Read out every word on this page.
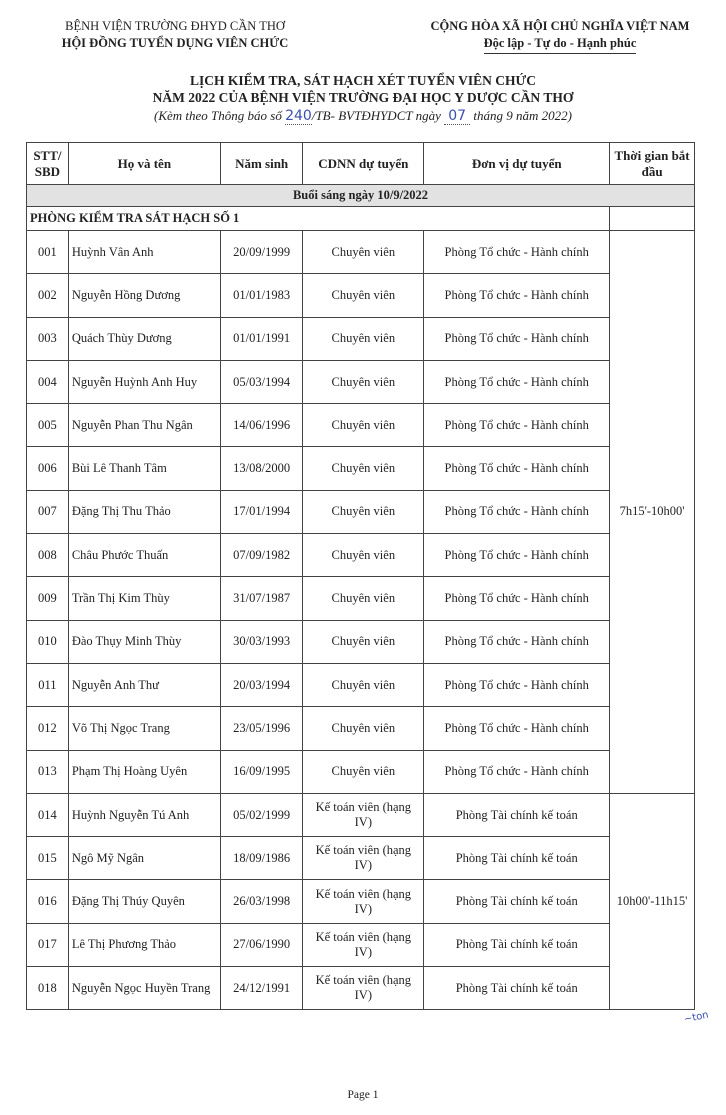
BỆNH VIỆN TRƯỜNG ĐHYD CẦN THƠ
HỘI ĐỒNG TUYỂN DỤNG VIÊN CHỨC
CỘNG HÒA XÃ HỘI CHỦ NGHĨA VIỆT NAM
Độc lập - Tự do - Hạnh phúc
LỊCH KIỂM TRA, SÁT HẠCH XÉT TUYỂN VIÊN CHỨC
NĂM 2022 CỦA BỆNH VIỆN TRƯỜNG ĐẠI HỌC Y DƯỢC CẦN THƠ
(Kèm theo Thông báo số 240/TB- BVTĐHYDCT ngày 07 tháng 9 năm 2022)
STT/ SBD	Họ và tên	Năm sinh	CDNN dự tuyển	Đơn vị dự tuyển	Thời gian bắt đầu
Buổi sáng ngày 10/9/2022					
PHÒNG KIỂM TRA SÁT HẠCH SỐ 1					
001	Huỳnh Vân Anh	20/09/1999	Chuyên viên	Phòng Tổ chức - Hành chính	7h15'-10h00'
002	Nguyễn Hồng Dương	01/01/1983	Chuyên viên	Phòng Tổ chức - Hành chính	
003	Quách Thùy Dương	01/01/1991	Chuyên viên	Phòng Tổ chức - Hành chính	
004	Nguyễn Huỳnh Anh Huy	05/03/1994	Chuyên viên	Phòng Tổ chức - Hành chính	
005	Nguyễn Phan Thu Ngân	14/06/1996	Chuyên viên	Phòng Tổ chức - Hành chính	
006	Bùi Lê Thanh Tâm	13/08/2000	Chuyên viên	Phòng Tổ chức - Hành chính	
007	Đặng Thị Thu Thảo	17/01/1994	Chuyên viên	Phòng Tổ chức - Hành chính	
008	Châu Phước Thuấn	07/09/1982	Chuyên viên	Phòng Tổ chức - Hành chính	
009	Trần Thị Kim Thùy	31/07/1987	Chuyên viên	Phòng Tổ chức - Hành chính	
010	Đào Thụy Minh Thùy	30/03/1993	Chuyên viên	Phòng Tổ chức - Hành chính	
011	Nguyễn Anh Thư	20/03/1994	Chuyên viên	Phòng Tổ chức - Hành chính	
012	Võ Thị Ngọc Trang	23/05/1996	Chuyên viên	Phòng Tổ chức - Hành chính	
013	Phạm Thị Hoàng Uyên	16/09/1995	Chuyên viên	Phòng Tổ chức - Hành chính	
014	Huỳnh Nguyễn Tú Anh	05/02/1999	Kế toán viên (hạng IV)	Phòng Tài chính kế toán	10h00'-11h15'
015	Ngô Mỹ Ngân	18/09/1986	Kế toán viên (hạng IV)	Phòng Tài chính kế toán	
016	Đặng Thị Thúy Quyên	26/03/1998	Kế toán viên (hạng IV)	Phòng Tài chính kế toán	
017	Lê Thị Phương Thảo	27/06/1990	Kế toán viên (hạng IV)	Phòng Tài chính kế toán	
018	Nguyễn Ngọc Huyền Trang	24/12/1991	Kế toán viên (hạng IV)	Phòng Tài chính kế toán	
~ton
Page 1
